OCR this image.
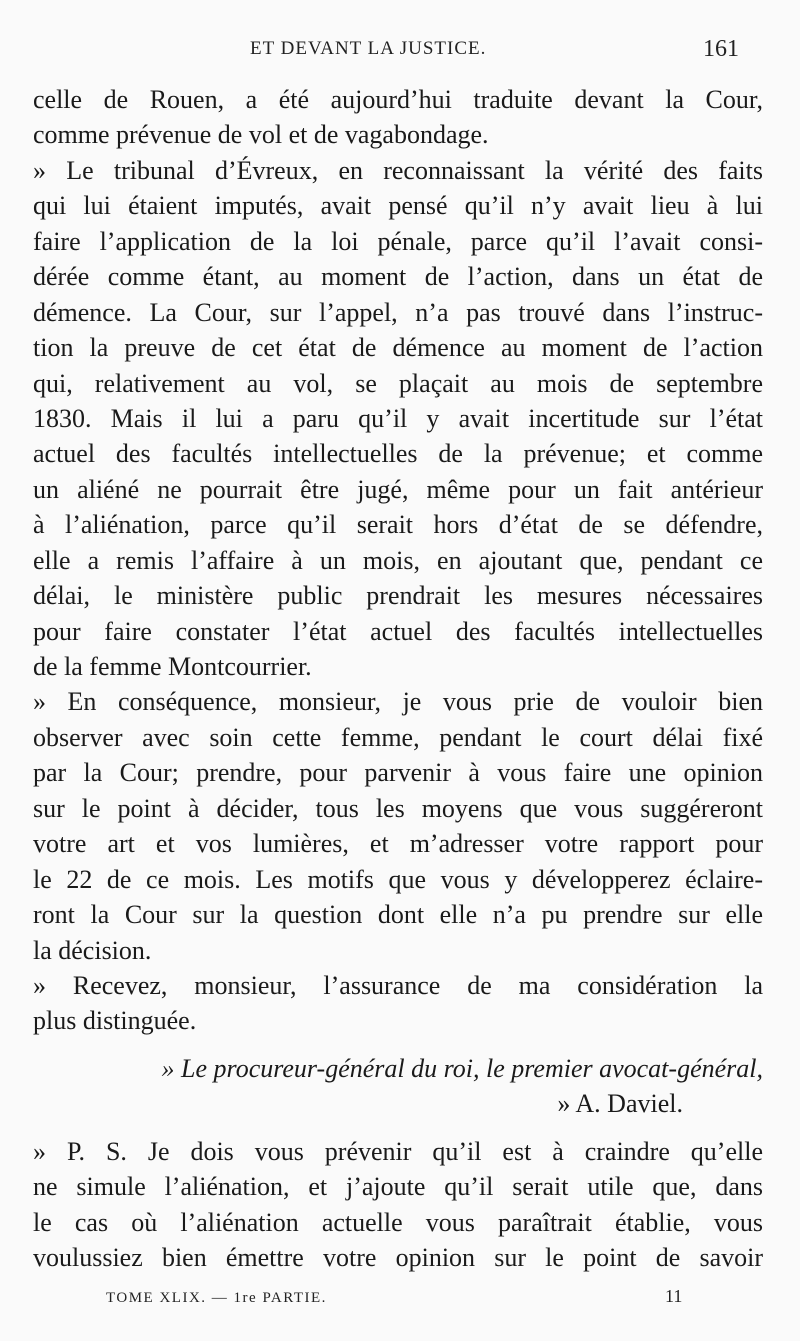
ET DEVANT LA JUSTICE.	161
celle de Rouen, a été aujourd’hui traduite devant la Cour,
comme prévenue de vol et de vagabondage.
» Le tribunal d’Évreux, en reconnaissant la vérité des faits
qui lui étaient imputés, avait pensé qu’il n’y avait lieu à lui
faire l’application de la loi pénale, parce qu’il l’avait consi-
dérée comme étant, au moment de l’action, dans un état de
démence. La Cour, sur l’appel, n’a pas trouvé dans l’instruc-
tion la preuve de cet état de démence au moment de l’action
qui, relativement au vol, se plaçait au mois de septembre
1830. Mais il lui a paru qu’il y avait incertitude sur l’état
actuel des facultés intellectuelles de la prévenue; et comme
un aliéné ne pourrait être jugé, même pour un fait antérieur
à l’aliénation, parce qu’il serait hors d’état de se défendre,
elle a remis l’affaire à un mois, en ajoutant que, pendant ce
délai, le ministère public prendrait les mesures nécessaires
pour faire constater l’état actuel des facultés intellectuelles
de la femme Montcourrier.
» En conséquence, monsieur, je vous prie de vouloir bien
observer avec soin cette femme, pendant le court délai fixé
par la Cour; prendre, pour parvenir à vous faire une opinion
sur le point à décider, tous les moyens que vous suggéreront
votre art et vos lumières, et m’adresser votre rapport pour
le 22 de ce mois. Les motifs que vous y développerez éclaire-
ront la Cour sur la question dont elle n’a pu prendre sur elle
la décision.
» Recevez, monsieur, l’assurance de ma considération la
plus distinguée.
» Le procureur-général du roi, le premier avocat-général,
» A. Daviel.
» P. S. Je dois vous prévenir qu’il est à craindre qu’elle
ne simule l’aliénation, et j’ajoute qu’il serait utile que, dans
le cas où l’aliénation actuelle vous paraîtrait établie, vous
voulussiez bien émettre votre opinion sur le point de savoir
TOME XLIX. — 1re PARTIE.	11
